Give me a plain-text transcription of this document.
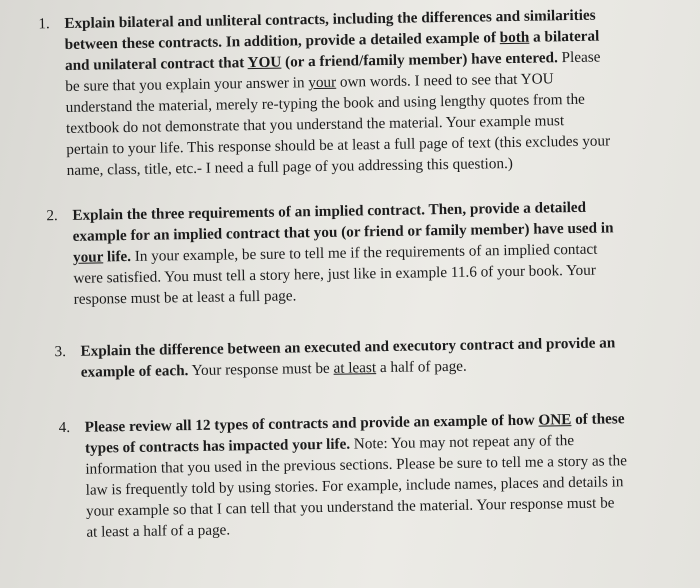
1. Explain bilateral and unliteral contracts, including the differences and similarities
between these contracts. In addition, provide a detailed example of both a bilateral
and unilateral contract that YOU (or a friend/family member) have entered. Please
be sure that you explain your answer in your own words. I need to see that YOU
understand the material, merely re-typing the book and using lengthy quotes from the
textbook do not demonstrate that you understand the material. Your example must
pertain to your life. This response should be at least a full page of text (this excludes your
name, class, title, etc.- I need a full page of you addressing this question.)
2. Explain the three requirements of an implied contract. Then, provide a detailed
example for an implied contract that you (or friend or family member) have used in
your life. In your example, be sure to tell me if the requirements of an implied contact
were satisfied. You must tell a story here, just like in example 11.6 of your book. Your
response must be at least a full page.
3. Explain the difference between an executed and executory contract and provide an
example of each. Your response must be at least a half of page.
4. Please review all 12 types of contracts and provide an example of how ONE of these
types of contracts has impacted your life. Note: You may not repeat any of the
information that you used in the previous sections. Please be sure to tell me a story as the
law is frequently told by using stories. For example, include names, places and details in
your example so that I can tell that you understand the material. Your response must be
at least a half of a page.
